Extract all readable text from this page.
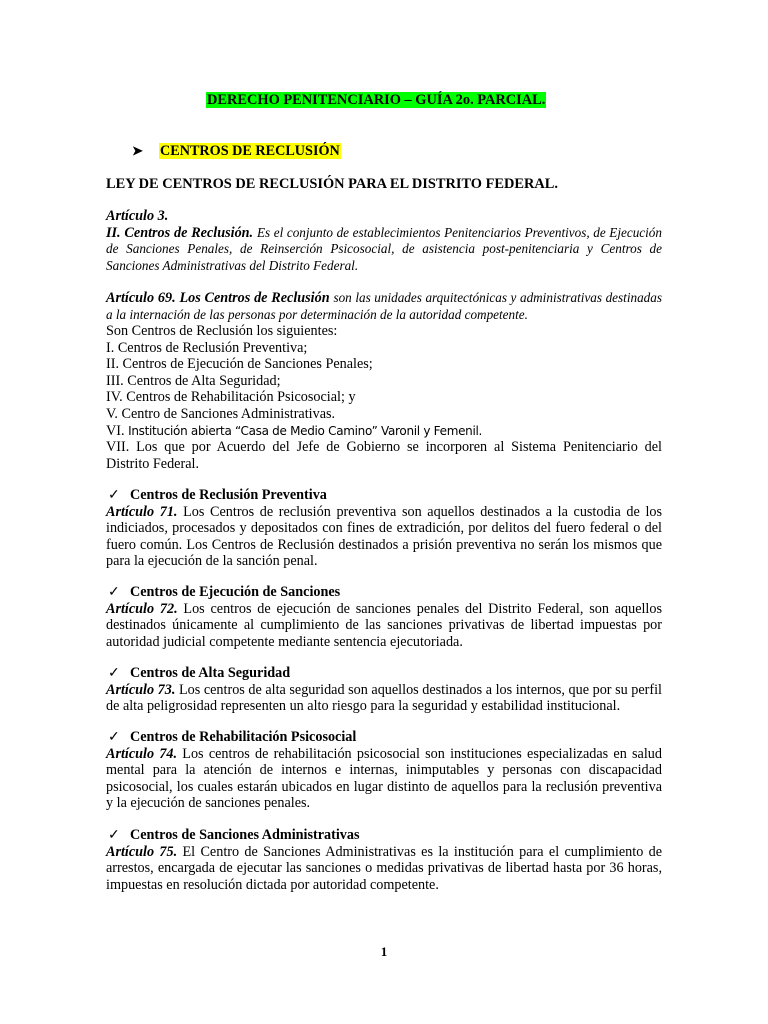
DERECHO PENITENCIARIO – GUÍA 2o. PARCIAL.
➤ CENTROS DE RECLUSIÓN
LEY DE CENTROS DE RECLUSIÓN PARA EL DISTRITO FEDERAL.
Artículo 3.
II. Centros de Reclusión. Es el conjunto de establecimientos Penitenciarios Preventivos, de Ejecución de Sanciones Penales, de Reinserción Psicosocial, de asistencia post-penitenciaria y Centros de Sanciones Administrativas del Distrito Federal.
Artículo 69. Los Centros de Reclusión son las unidades arquitectónicas y administrativas destinadas a la internación de las personas por determinación de la autoridad competente.
Son Centros de Reclusión los siguientes:
I. Centros de Reclusión Preventiva;
II. Centros de Ejecución de Sanciones Penales;
III. Centros de Alta Seguridad;
IV. Centros de Rehabilitación Psicosocial; y
V. Centro de Sanciones Administrativas.
VI. Institución abierta “Casa de Medio Camino” Varonil y Femenil.
VII. Los que por Acuerdo del Jefe de Gobierno se incorporen al Sistema Penitenciario del Distrito Federal.
✓ Centros de Reclusión Preventiva
Artículo 71. Los Centros de reclusión preventiva son aquellos destinados a la custodia de los indiciados, procesados y depositados con fines de extradición, por delitos del fuero federal o del fuero común. Los Centros de Reclusión destinados a prisión preventiva no serán los mismos que para la ejecución de la sanción penal.
✓ Centros de Ejecución de Sanciones
Artículo 72. Los centros de ejecución de sanciones penales del Distrito Federal, son aquellos destinados únicamente al cumplimiento de las sanciones privativas de libertad impuestas por autoridad judicial competente mediante sentencia ejecutoriada.
✓ Centros de Alta Seguridad
Artículo 73. Los centros de alta seguridad son aquellos destinados a los internos, que por su perfil de alta peligrosidad representen un alto riesgo para la seguridad y estabilidad institucional.
✓ Centros de Rehabilitación Psicosocial
Artículo 74. Los centros de rehabilitación psicosocial son instituciones especializadas en salud mental para la atención de internos e internas, inimputables y personas con discapacidad psicosocial, los cuales estarán ubicados en lugar distinto de aquellos para la reclusión preventiva y la ejecución de sanciones penales.
✓ Centros de Sanciones Administrativas
Artículo 75. El Centro de Sanciones Administrativas es la institución para el cumplimiento de arrestos, encargada de ejecutar las sanciones o medidas privativas de libertad hasta por 36 horas, impuestas en resolución dictada por autoridad competente.
1
